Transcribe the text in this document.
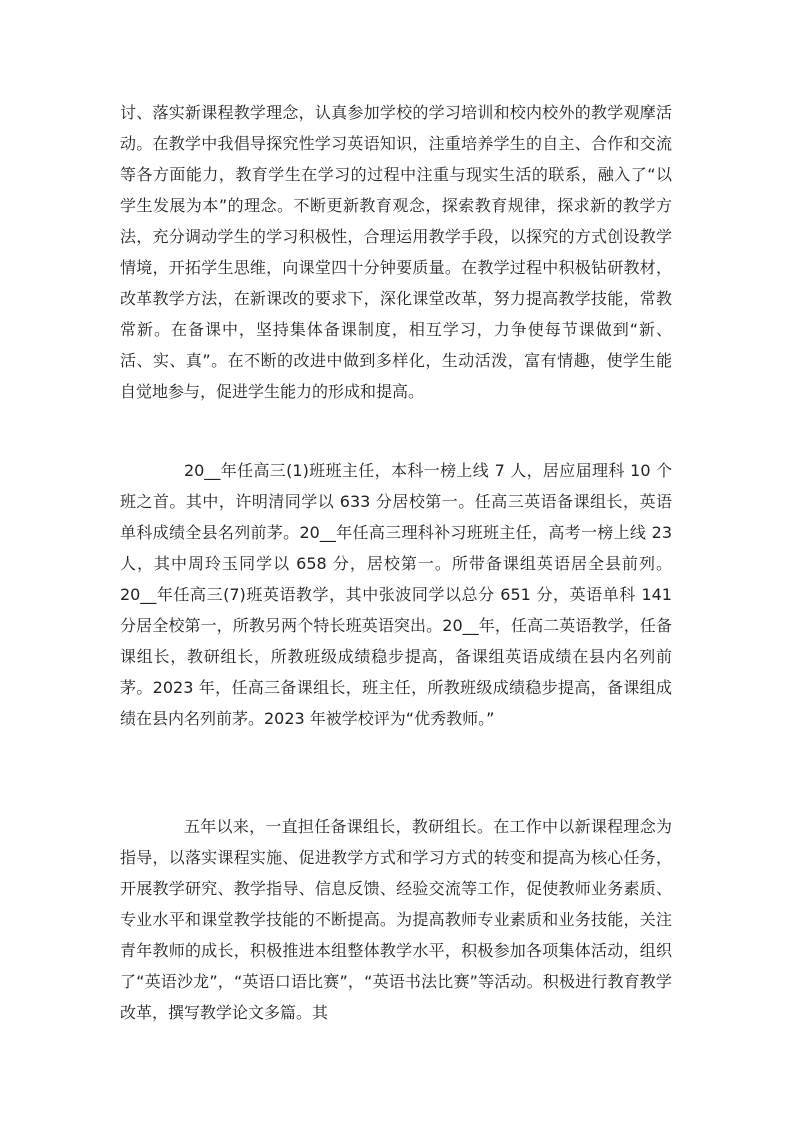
讨、落实新课程教学理念，认真参加学校的学习培训和校内校外的教学观摩活动。在教学中我倡导探究性学习英语知识，注重培养学生的自主、合作和交流等各方面能力，教育学生在学习的过程中注重与现实生活的联系，融入了“以学生发展为本”的理念。不断更新教育观念，探索教育规律，探求新的教学方法，充分调动学生的学习积极性，合理运用教学手段，以探究的方式创设教学情境，开拓学生思维，向课堂四十分钟要质量。在教学过程中积极钻研教材，改革教学方法，在新课改的要求下，深化课堂改革，努力提高教学技能，常教常新。在备课中，坚持集体备课制度，相互学习，力争使每节课做到“新、活、实、真”。在不断的改进中做到多样化，生动活泼，富有情趣，使学生能自觉地参与，促进学生能力的形成和提高。

20__年任高三(1)班班主任，本科一榜上线 7 人，居应届理科 10 个班之首。其中，许明清同学以 633 分居校第一。任高三英语备课组长，英语单科成绩全县名列前茅。20__年任高三理科补习班班主任，高考一榜上线 23 人，其中周玲玉同学以 658 分，居校第一。所带备课组英语居全县前列。20__年任高三(7)班英语教学，其中张波同学以总分 651 分，英语单科 141 分居全校第一，所教另两个特长班英语突出。20__年，任高二英语教学，任备课组长，教研组长，所教班级成绩稳步提高，备课组英语成绩在县内名列前茅。2023 年，任高三备课组长，班主任，所教班级成绩稳步提高，备课组成绩在县内名列前茅。2023 年被学校评为“优秀教师。”

五年以来，一直担任备课组长，教研组长。在工作中以新课程理念为指导，以落实课程实施、促进教学方式和学习方式的转变和提高为核心任务，开展教学研究、教学指导、信息反馈、经验交流等工作，促使教师业务素质、专业水平和课堂教学技能的不断提高。为提高教师专业素质和业务技能，关注青年教师的成长，积极推进本组整体教学水平，积极参加各项集体活动，组织了“英语沙龙”，“英语口语比赛”，“英语书法比赛”等活动。积极进行教育教学改革，撰写教学论文多篇。其
